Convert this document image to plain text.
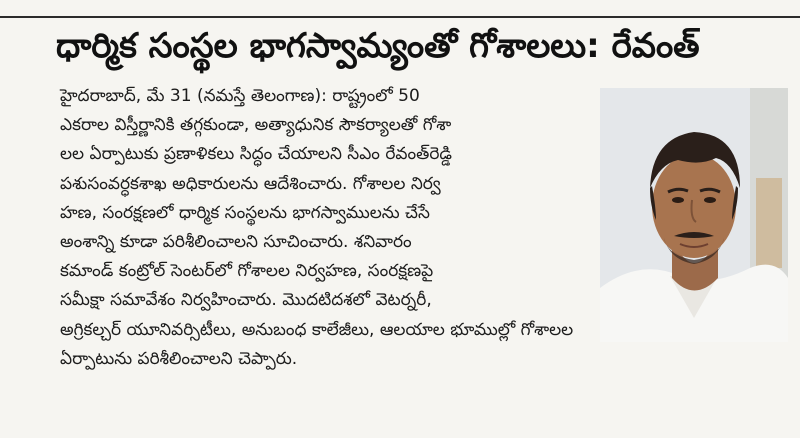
ధార్మిక సంస్థల భాగస్వామ్యంతో గోశాలలు: రేవంత్
హైదరాబాద్, మే 31 (నమస్తే తెలంగాణ): రాష్ట్రంలో 50
ఎకరాల విస్తీర్ణానికి తగ్గకుండా, అత్యాధునిక సౌకర్యాలతో గోశా
లల ఏర్పాటుకు ప్రణాళికలు సిద్ధం చేయాలని సీఎం రేవంత్‌రెడ్డి
పశుసంవర్ధకశాఖ అధికారులను ఆదేశించారు. గోశాలల నిర్వ
హణ, సంరక్షణలో ధార్మిక సంస్థలను భాగస్వాములను చేసే
అంశాన్ని కూడా పరిశీలించాలని సూచించారు. శనివారం
కమాండ్ కంట్రోల్ సెంటర్‌లో గోశాలల నిర్వహణ, సంరక్షణపై
సమీక్షా సమావేశం నిర్వహించారు. మొదటిదశలో వెటర్నరీ,
అగ్రికల్చర్ యూనివర్సిటీలు, అనుబంధ కాలేజీలు, ఆలయాల భూముల్లో గోశాలల
ఏర్పాటును పరిశీలించాలని చెప్పారు.
